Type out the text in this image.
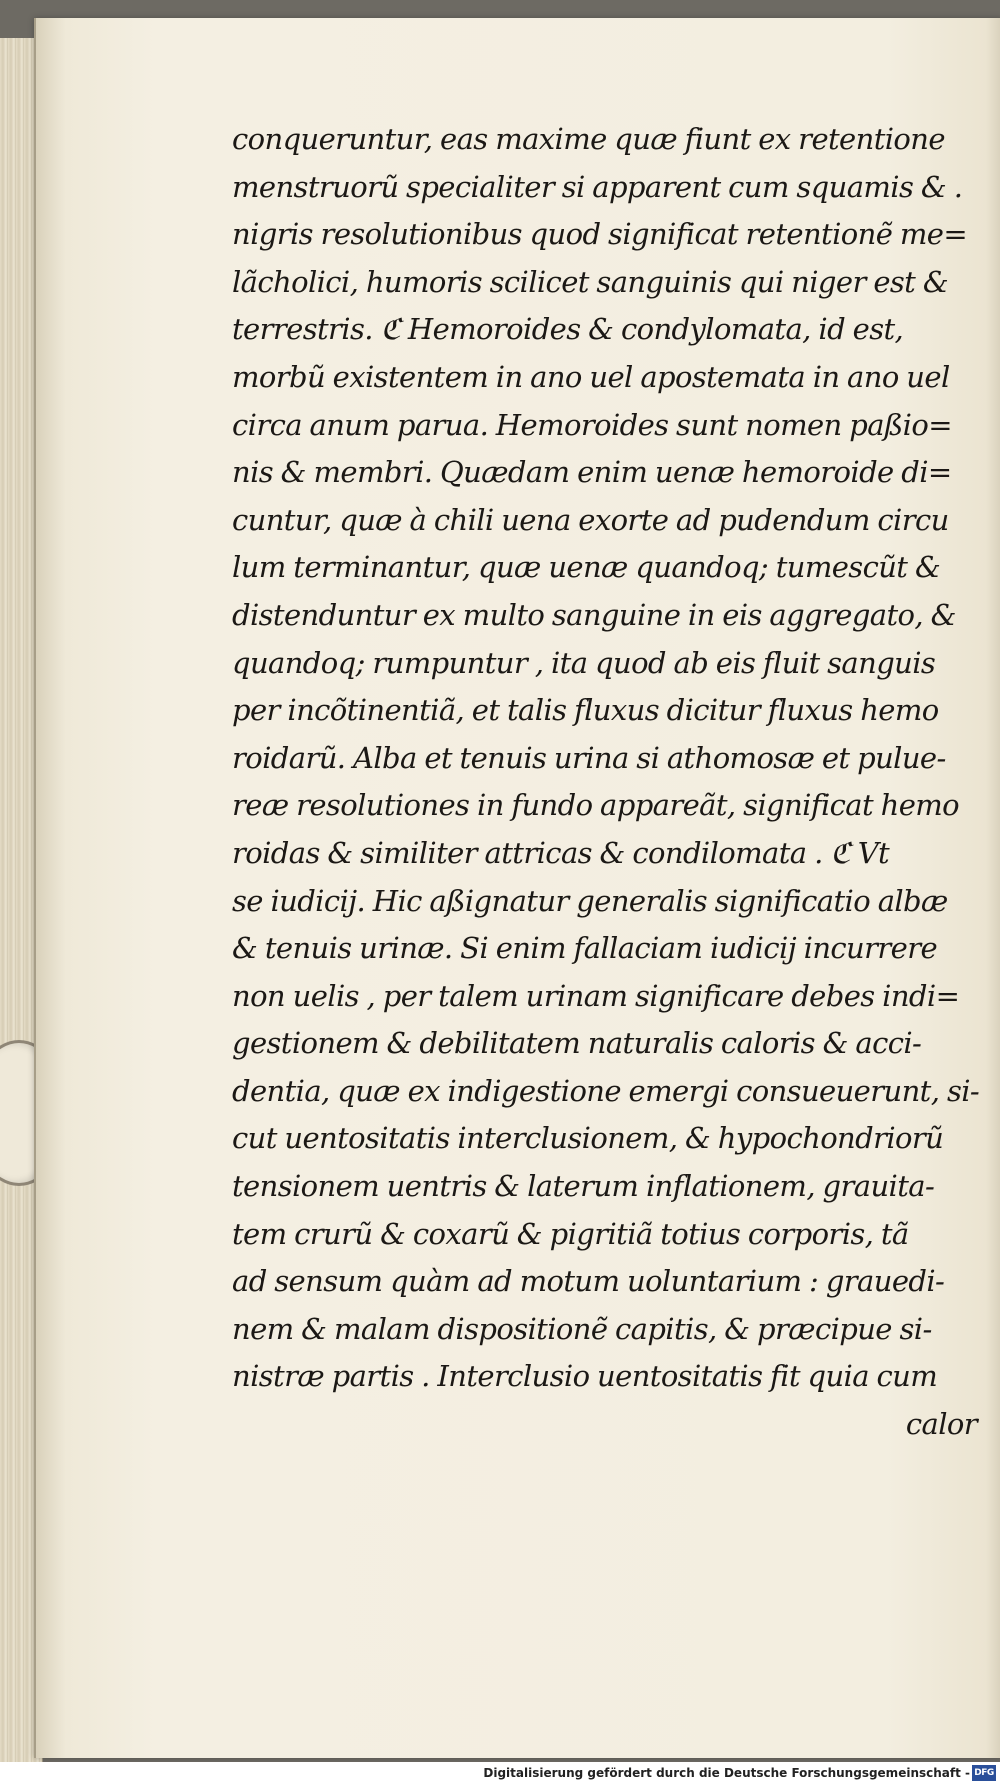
conqueruntur, eas maxime quæ fiunt ex retentione
menstruorũ specialiter si apparent cum squamis & .
nigris resolutionibus quod significat retentionẽ me=
lãcholici, humoris scilicet sanguinis qui niger est &
terrestris. ℭ Hemoroides & condylomata, id est,
morbũ existentem in ano uel apostemata in ano uel
circa anum parua. Hemoroides sunt nomen paßio=
nis & membri. Quædam enim uenæ hemoroide di=
cuntur, quæ à chili uena exorte ad pudendum circu
lum terminantur, quæ uenæ quandoq; tumescũt &
distenduntur ex multo sanguine in eis aggregato, &
quandoq; rumpuntur , ita quod ab eis fluit sanguis
per incõtinentiã, et talis fluxus dicitur fluxus hemo
roidarũ. Alba et tenuis urina si athomosæ et pulue-
reæ resolutiones in fundo appareãt, significat hemo
roidas & similiter attricas & condilomata . ℭ Vt
se iudicij. Hic aßignatur generalis significatio albæ
& tenuis urinæ. Si enim fallaciam iudicij incurrere
non uelis , per talem urinam significare debes indi=
gestionem & debilitatem naturalis caloris & acci-
dentia, quæ ex indigestione emergi consueuerunt, si-
cut uentositatis interclusionem, & hypochondriorũ
tensionem uentris & laterum inflationem, grauita-
tem crurũ & coxarũ & pigritiã totius corporis, tã
ad sensum quàm ad motum uoluntarium : grauedi-
nem & malam dispositionẽ capitis, & præcipue si-
nistræ partis . Interclusio uentositatis fit quia cum
calor
Digitalisierung gefördert durch die Deutsche Forschungsgemeinschaft - DFG
